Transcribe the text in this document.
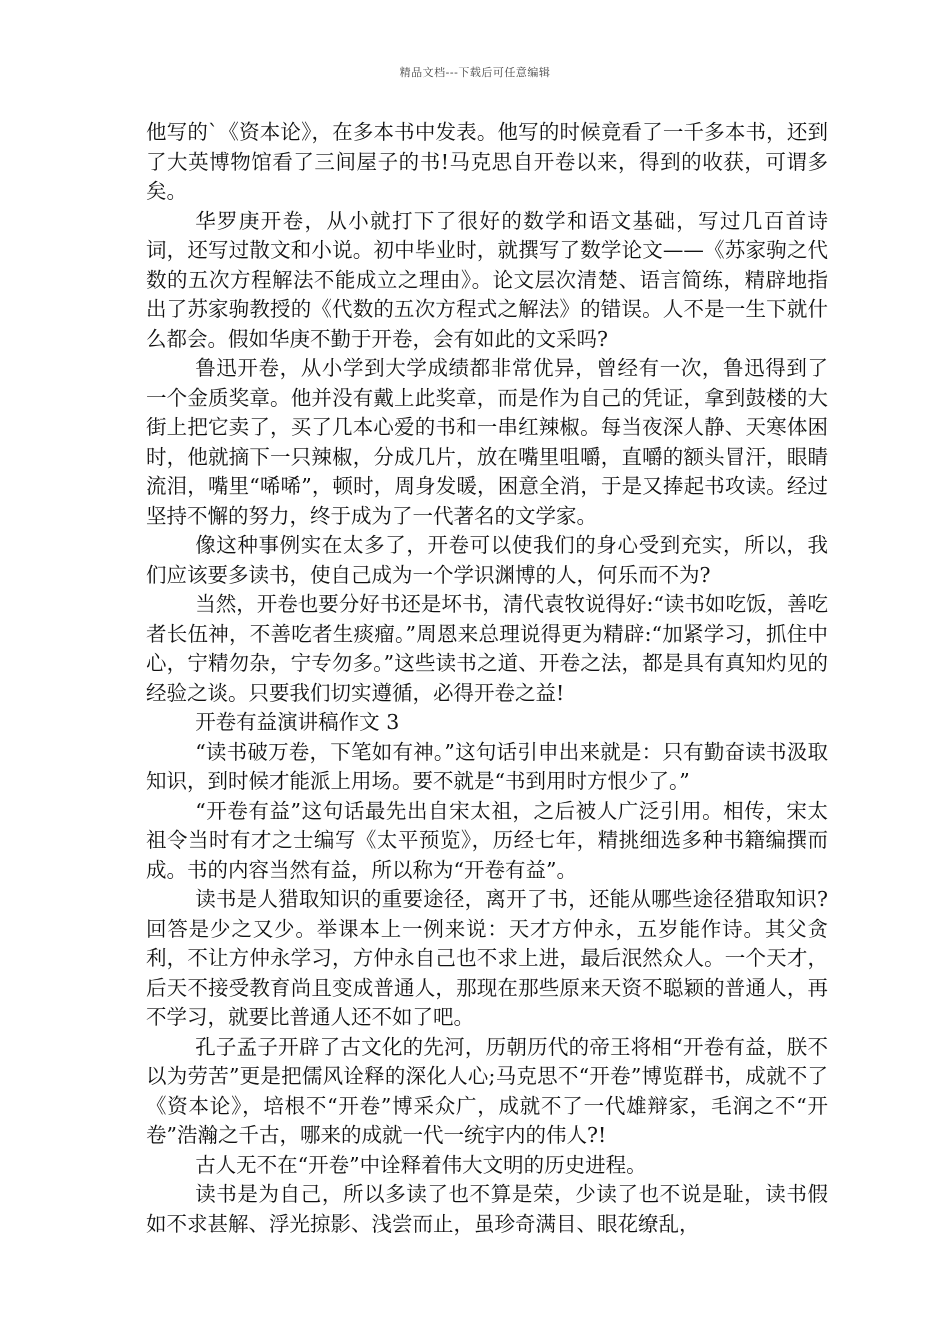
精品文档---下载后可任意编辑

他写的`《资本论》，在多本书中发表。他写的时候竟看了一千多本书，还到了大英博物馆看了三间屋子的书!马克思自开卷以来，得到的收获，可谓多矣。

华罗庚开卷，从小就打下了很好的数学和语文基础，写过几百首诗词，还写过散文和小说。初中毕业时，就撰写了数学论文——《苏家驹之代数的五次方程解法不能成立之理由》。论文层次清楚、语言简练，精辟地指出了苏家驹教授的《代数的五次方程式之解法》的错误。人不是一生下就什么都会。假如华庚不勤于开卷，会有如此的文采吗?

鲁迅开卷，从小学到大学成绩都非常优异，曾经有一次，鲁迅得到了一个金质奖章。他并没有戴上此奖章，而是作为自己的凭证，拿到鼓楼的大街上把它卖了，买了几本心爱的书和一串红辣椒。每当夜深人静、天寒体困时，他就摘下一只辣椒，分成几片，放在嘴里咀嚼，直嚼的额头冒汗，眼睛流泪，嘴里“唏唏”，顿时，周身发暖，困意全消，于是又捧起书攻读。经过坚持不懈的努力，终于成为了一代著名的文学家。

像这种事例实在太多了，开卷可以使我们的身心受到充实，所以，我们应该要多读书，使自己成为一个学识渊博的人，何乐而不为?

当然，开卷也要分好书还是坏书，清代袁牧说得好:“读书如吃饭，善吃者长伍神，不善吃者生痰瘤。”周恩来总理说得更为精辟:“加紧学习，抓住中心，宁精勿杂，宁专勿多。”这些读书之道、开卷之法，都是具有真知灼见的经验之谈。只要我们切实遵循，必得开卷之益!

开卷有益演讲稿作文 3

“读书破万卷，下笔如有神。”这句话引申出来就是：只有勤奋读书汲取知识，到时候才能派上用场。要不就是“书到用时方恨少了。”

“开卷有益”这句话最先出自宋太祖，之后被人广泛引用。相传，宋太祖令当时有才之士编写《太平预览》，历经七年，精挑细选多种书籍编撰而成。书的内容当然有益，所以称为“开卷有益”。

读书是人猎取知识的重要途径，离开了书，还能从哪些途径猎取知识?回答是少之又少。举课本上一例来说：天才方仲永，五岁能作诗。其父贪利，不让方仲永学习，方仲永自己也不求上进，最后泯然众人。一个天才，后天不接受教育尚且变成普通人，那现在那些原来天资不聪颖的普通人，再不学习，就要比普通人还不如了吧。

孔子孟子开辟了古文化的先河，历朝历代的帝王将相“开卷有益，朕不以为劳苦”更是把儒风诠释的深化人心;马克思不“开卷”博览群书，成就不了《资本论》，培根不“开卷”博采众广，成就不了一代雄辩家，毛润之不“开卷”浩瀚之千古，哪来的成就一代一统宇内的伟人?!

古人无不在“开卷”中诠释着伟大文明的历史进程。

读书是为自己，所以多读了也不算是荣，少读了也不说是耻，读书假如不求甚解、浮光掠影、浅尝而止，虽珍奇满目、眼花缭乱，
